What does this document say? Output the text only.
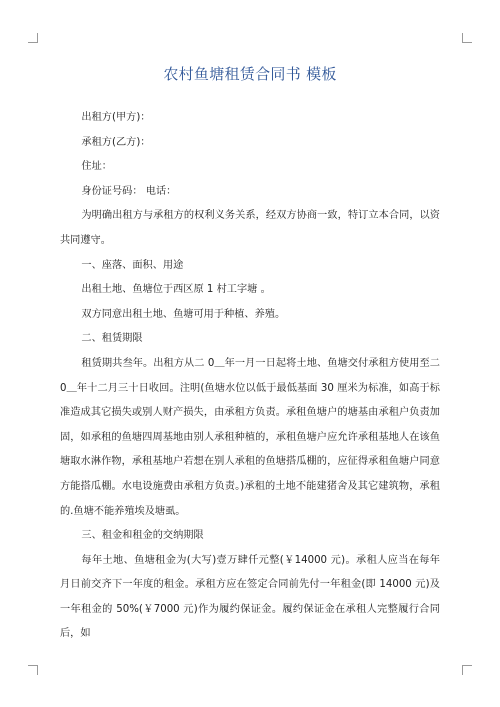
农村鱼塘租赁合同书 模板

出租方(甲方)：

承租方(乙方)：

住址：

身份证号码： 电话：

为明确出租方与承租方的权利义务关系，经双方协商一致，特订立本合同，以资共同遵守。

一、座落、面积、用途

出租土地、鱼塘位于西区原 1 村工字塘 。

双方同意出租土地、鱼塘可用于种植、养殖。

二、租赁期限

租赁期共叁年。出租方从二 0＿年一月一日起将土地、鱼塘交付承租方使用至二0＿年十二月三十日收回。注明(鱼塘水位以低于最低基面 30 厘米为标准，如高于标准造成其它损失或别人财产损失，由承租方负责。承租鱼塘户的塘基由承租户负责加固，如承租的鱼塘四周基地由别人承租种植的，承租鱼塘户应允许承租基地人在该鱼塘取水淋作物，承租基地户若想在别人承租的鱼塘搭瓜棚的，应征得承租鱼塘户同意方能搭瓜棚。水电设施费由承租方负责。)承租的土地不能建猪舍及其它建筑物，承租的.鱼塘不能养殖埃及塘虱。

三、租金和租金的交纳期限

每年土地、鱼塘租金为(大写)壹万肆仟元整(￥14000 元)。承租人应当在每年 月日前交齐下一年度的租金。承租方应在签定合同前先付一年租金(即 14000 元)及一年租金的 50%(￥7000 元)作为履约保证金。履约保证金在承租人完整履行合同后，如
